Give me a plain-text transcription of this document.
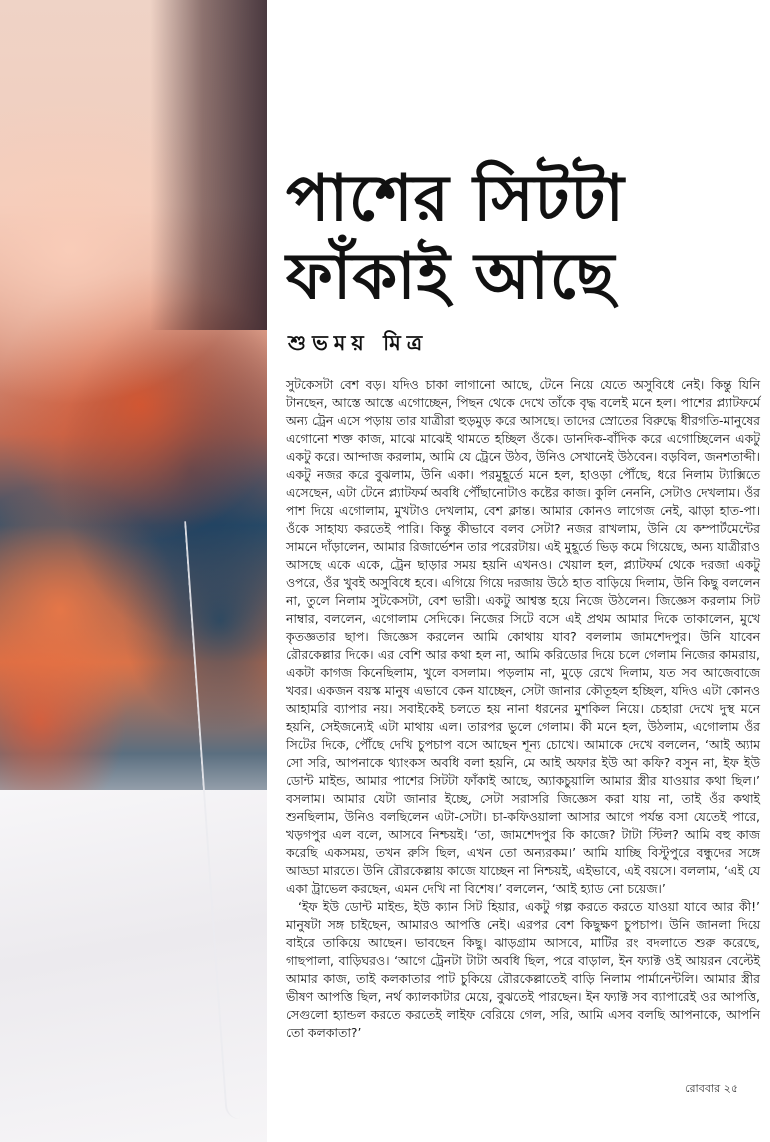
পাশের সিটটা
ফাঁকাই আছে

শুভময় মিত্র

সুটকেসটা বেশ বড়। যদিও চাকা লাগানো আছে, টেনে নিয়ে যেতে অসুবিধে নেই। কিন্তু যিনি টানছেন, আস্তে আস্তে এগোচ্ছেন, পিছন থেকে দেখে তাঁকে বৃদ্ধ বলেই মনে হল। পাশের প্ল্যাটফর্মে অন্য ট্রেন এসে পড়ায় তার যাত্রীরা হুড়মুড় করে আসছে। তাদের স্রোতের বিরুদ্ধে ধীরগতি-মানুষের এগোনো শক্ত কাজ, মাঝে মাঝেই থামতে হচ্ছিল ওঁকে। ডানদিক-বাঁদিক করে এগোচ্ছিলেন একটু একটু করে। আন্দাজ করলাম, আমি যে ট্রেনে উঠব, উনিও সেখানেই উঠবেন। বড়বিল, জনশতাব্দী। একটু নজর করে বুঝলাম, উনি একা। পরমুহূর্তে মনে হল, হাওড়া পৌঁছে, ধরে নিলাম ট্যাক্সিতে এসেছেন, এটা টেনে প্ল্যাটফর্ম অবধি পৌঁছানোটাও কষ্টের কাজ। কুলি নেননি, সেটাও দেখলাম। ওঁর পাশ দিয়ে এগোলাম, মুখটাও দেখলাম, বেশ ক্লান্ত। আমার কোনও লাগেজ নেই, ঝাড়া হাত-পা। ওঁকে সাহায্য করতেই পারি। কিন্তু কীভাবে বলব সেটা? নজর রাখলাম, উনি যে কম্পার্টমেন্টের সামনে দাঁড়ালেন, আমার রিজার্ভেশন তার পরেরটায়। এই মুহূর্তে ভিড় কমে গিয়েছে, অন্য যাত্রীরাও আসছে একে একে, ট্রেন ছাড়ার সময় হয়নি এখনও। খেয়াল হল, প্ল্যাটফর্ম থেকে দরজা একটু ওপরে, ওঁর খুবই অসুবিধে হবে। এগিয়ে গিয়ে দরজায় উঠে হাত বাড়িয়ে দিলাম, উনি কিছু বললেন না, তুলে নিলাম সুটকেসটা, বেশ ভারী। একটু আশ্বস্ত হয়ে নিজে উঠলেন। জিজ্ঞেস করলাম সিট নাম্বার, বললেন, এগোলাম সেদিকে। নিজের সিটে বসে এই প্রথম আমার দিকে তাকালেন, মুখে কৃতজ্ঞতার ছাপ। জিজ্ঞেস করলেন আমি কোথায় যাব? বললাম জামশেদপুর। উনি যাবেন রৌরকেল্লার দিকে। এর বেশি আর কথা হল না, আমি করিডোর দিয়ে চলে গেলাম নিজের কামরায়, একটা কাগজ কিনেছিলাম, খুলে বসলাম। পড়লাম না, মুড়ে রেখে দিলাম, যত সব আজেবাজে খবর। একজন বয়স্ক মানুষ এভাবে কেন যাচ্ছেন, সেটা জানার কৌতূহল হচ্ছিল, যদিও এটা কোনও আহামরি ব্যাপার নয়। সবাইকেই চলতে হয় নানা ধরনের মুশকিল নিয়ে। চেহারা দেখে দুস্থ মনে হয়নি, সেইজন্যেই এটা মাথায় এল। তারপর ভুলে গেলাম। কী মনে হল, উঠলাম, এগোলাম ওঁর সিটের দিকে, পৌঁছে দেখি চুপচাপ বসে আছেন শূন্য চোখে। আমাকে দেখে বললেন, ‘আই অ্যাম সো সরি, আপনাকে থ্যাংকস অবধি বলা হয়নি, মে আই অফার ইউ আ কফি? বসুন না, ইফ ইউ ডোন্ট মাইন্ড, আমার পাশের সিটটা ফাঁকাই আছে, অ্যাকচুয়ালি আমার স্ত্রীর যাওয়ার কথা ছিল।’ বসলাম। আমার যেটা জানার ইচ্ছে, সেটা সরাসরি জিজ্ঞেস করা যায় না, তাই ওঁর কথাই শুনছিলাম, উনিও বলছিলেন এটা-সেটা। চা-কফিওয়ালা আসার আগে পর্যন্ত বসা যেতেই পারে, খড়গপুর এল বলে, আসবে নিশ্চয়ই। ‘তা, জামশেদপুর কি কাজে? টাটা স্টিল? আমি বহু কাজ করেছি একসময়, তখন রুসি ছিল, এখন তো অন্যরকম।’ আমি যাচ্ছি বিস্টুপুরে বন্ধুদের সঙ্গে আড্ডা মারতে। উনি রৌরকেল্লায় কাজে যাচ্ছেন না নিশ্চয়ই, এইভাবে, এই বয়সে। বললাম, ‘এই যে একা ট্রাভেল করছেন, এমন দেখি না বিশেষ।’ বললেন, ‘আই হ্যাড নো চয়েজ।’

‘ইফ ইউ ডোন্ট মাইন্ড, ইউ ক্যান সিট হিয়ার, একটু গল্প করতে করতে যাওয়া যাবে আর কী!’ মানুষটা সঙ্গ চাইছেন, আমারও আপত্তি নেই। এরপর বেশ কিছুক্ষণ চুপচাপ। উনি জানলা দিয়ে বাইরে তাকিয়ে আছেন। ভাবছেন কিছু। ঝাড়গ্রাম আসবে, মাটির রং বদলাতে শুরু করেছে, গাছপালা, বাড়িঘরও। ‘আগে ট্রেনটা টাটা অবধি ছিল, পরে বাড়াল, ইন ফ্যাক্ট ওই আয়রন বেল্টেই আমার কাজ, তাই কলকাতার পাট চুকিয়ে রৌরকেল্লাতেই বাড়ি নিলাম পার্মানেন্টলি। আমার স্ত্রীর ভীষণ আপত্তি ছিল, নর্থ ক্যালকাটার মেয়ে, বুঝতেই পারছেন। ইন ফ্যাক্ট সব ব্যাপারেই ওর আপত্তি, সেগুলো হ্যান্ডল করতে করতেই লাইফ বেরিয়ে গেল, সরি, আমি এসব বলছি আপনাকে, আপনি তো কলকাতা?’

রোববার ২৫
